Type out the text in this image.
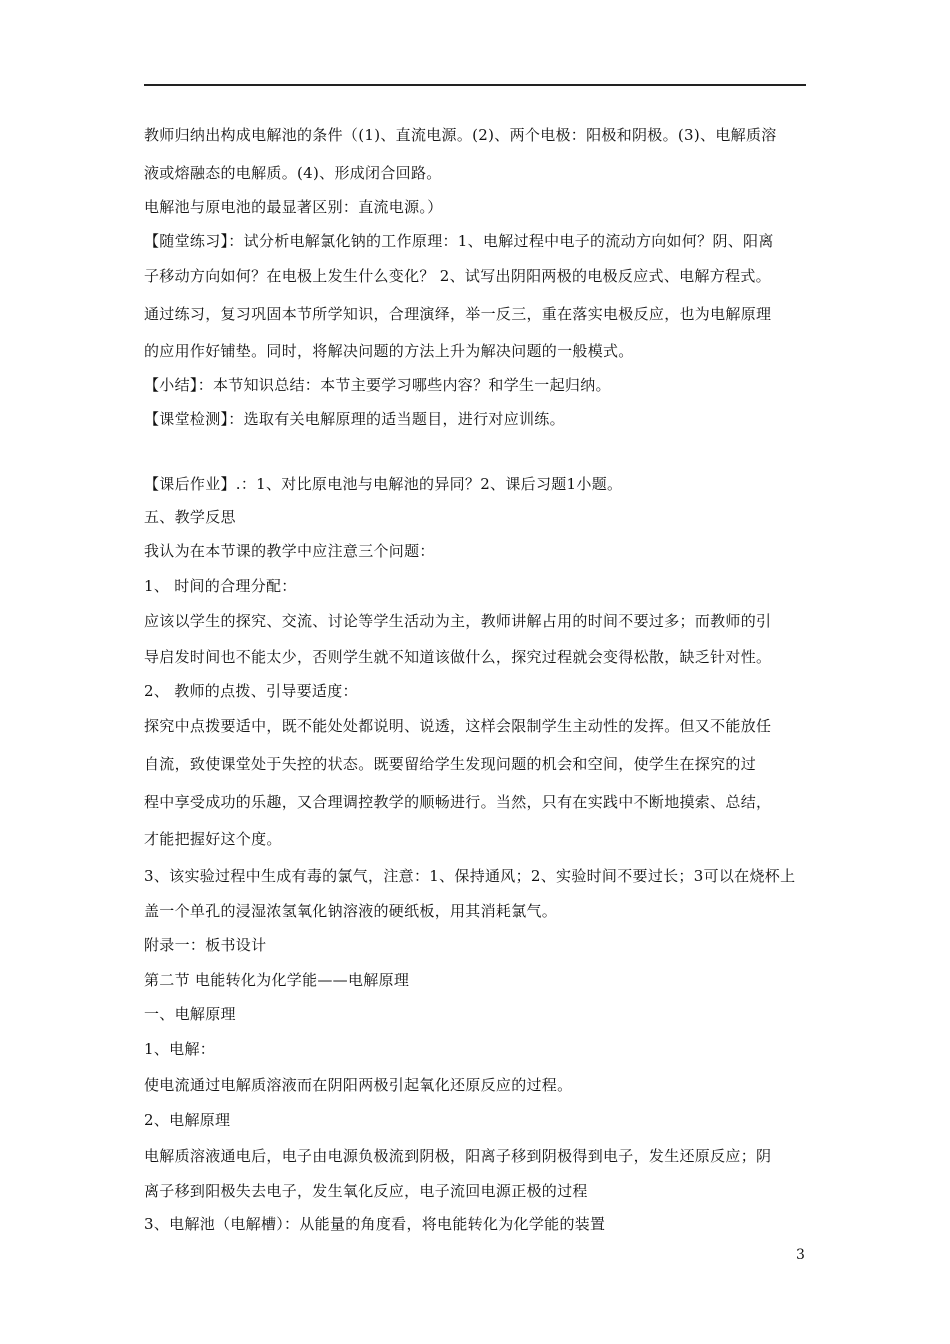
教师归纳出构成电解池的条件（(1)、直流电源。(2)、两个电极：阳极和阴极。(3)、电解质溶
液或熔融态的电解质。(4)、形成闭合回路。
电解池与原电池的最显著区别：直流电源。）
【随堂练习】：试分析电解氯化钠的工作原理：1、电解过程中电子的流动方向如何？阴、阳离
子移动方向如何？在电极上发生什么变化？ 2、试写出阴阳两极的电极反应式、电解方程式。
通过练习，复习巩固本节所学知识，合理演绎，举一反三，重在落实电极反应，也为电解原理
的应用作好铺垫。同时，将解决问题的方法上升为解决问题的一般模式。
【小结】：本节知识总结：本节主要学习哪些内容？和学生一起归纳。
【课堂检测】：选取有关电解原理的适当题目，进行对应训练。
【课后作业】.：1、对比原电池与电解池的异同？2、课后习题1小题。
五、教学反思
我认为在本节课的教学中应注意三个问题：
1、 时间的合理分配：
应该以学生的探究、交流、讨论等学生活动为主，教师讲解占用的时间不要过多；而教师的引
导启发时间也不能太少，否则学生就不知道该做什么，探究过程就会变得松散，缺乏针对性。
2、 教师的点拨、引导要适度：
探究中点拨要适中，既不能处处都说明、说透，这样会限制学生主动性的发挥。但又不能放任
自流，致使课堂处于失控的状态。既要留给学生发现问题的机会和空间，使学生在探究的过
程中享受成功的乐趣，又合理调控教学的顺畅进行。当然，只有在实践中不断地摸索、总结，
才能把握好这个度。
3、该实验过程中生成有毒的氯气，注意：1、保持通风；2、实验时间不要过长；3可以在烧杯上
盖一个单孔的浸湿浓氢氧化钠溶液的硬纸板，用其消耗氯气。
附录一：板书设计
第二节 电能转化为化学能——电解原理
一、电解原理
1、电解：
使电流通过电解质溶液而在阴阳两极引起氧化还原反应的过程。
2、电解原理
电解质溶液通电后，电子由电源负极流到阴极，阳离子移到阴极得到电子，发生还原反应；阴
离子移到阳极失去电子，发生氧化反应，电子流回电源正极的过程
3、电解池（电解槽）：从能量的角度看，将电能转化为化学能的装置
3
